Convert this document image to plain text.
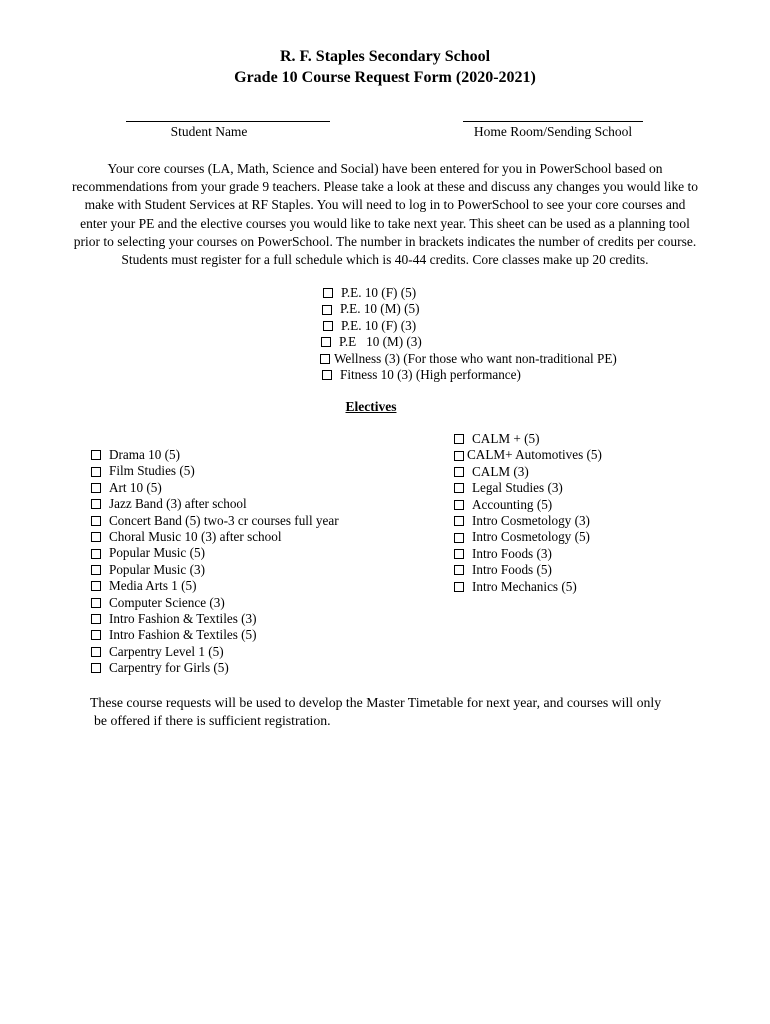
R. F. Staples Secondary School
Grade 10 Course Request Form (2020-2021)
Student Name	Home Room/Sending School
Your core courses (LA, Math, Science and Social) have been entered for you in PowerSchool based on
recommendations from your grade 9 teachers. Please take a look at these and discuss any changes you would like to
make with Student Services at RF Staples. You will need to log in to PowerSchool to see your core courses and
enter your PE and the elective courses you would like to take next year. This sheet can be used as a planning tool
prior to selecting your courses on PowerSchool. The number in brackets indicates the number of credits per course.
Students must register for a full schedule which is 40-44 credits. Core classes make up 20 credits.
P.E. 10 (F) (5)
P.E. 10 (M) (5)
P.E. 10 (F) (3)
P.E   10 (M) (3)
Wellness (3) (For those who want non-traditional PE)
Fitness 10 (3) (High performance)
Electives
Drama 10 (5)
Film Studies (5)
Art 10 (5)
Jazz Band (3) after school
Concert Band (5) two-3 cr courses full year
Choral Music 10 (3) after school
Popular Music (5)
Popular Music (3)
Media Arts 1 (5)
Computer Science (3)
Intro Fashion & Textiles (3)
Intro Fashion & Textiles (5)
Carpentry Level 1 (5)
Carpentry for Girls (5)
CALM + (5)
CALM+ Automotives (5)
CALM (3)
Legal Studies (3)
Accounting (5)
Intro Cosmetology (3)
Intro Cosmetology (5)
Intro Foods (3)
Intro Foods (5)
Intro Mechanics (5)
These course requests will be used to develop the Master Timetable for next year, and courses will only
be offered if there is sufficient registration.
